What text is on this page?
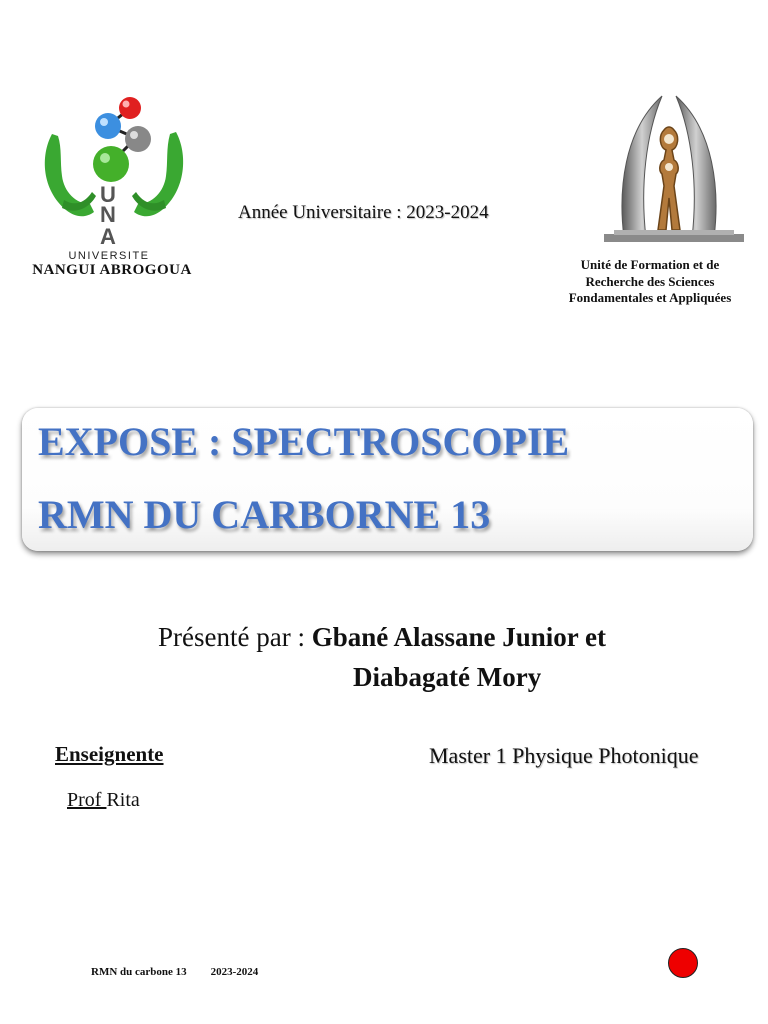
U
N
A
UNIVERSITE
NANGUI ABROGOUA
Année Universitaire : 2023-2024
Unité de Formation et de
Recherche des Sciences
Fondamentales et Appliquées
EXPOSE : SPECTROSCOPIE
RMN DU CARBORNE 13
Présenté par : Gbané Alassane Junior et
Diabagaté Mory
Enseignente
Prof Rita
Master 1 Physique Photonique
RMN du carbone 13 2023-2024
